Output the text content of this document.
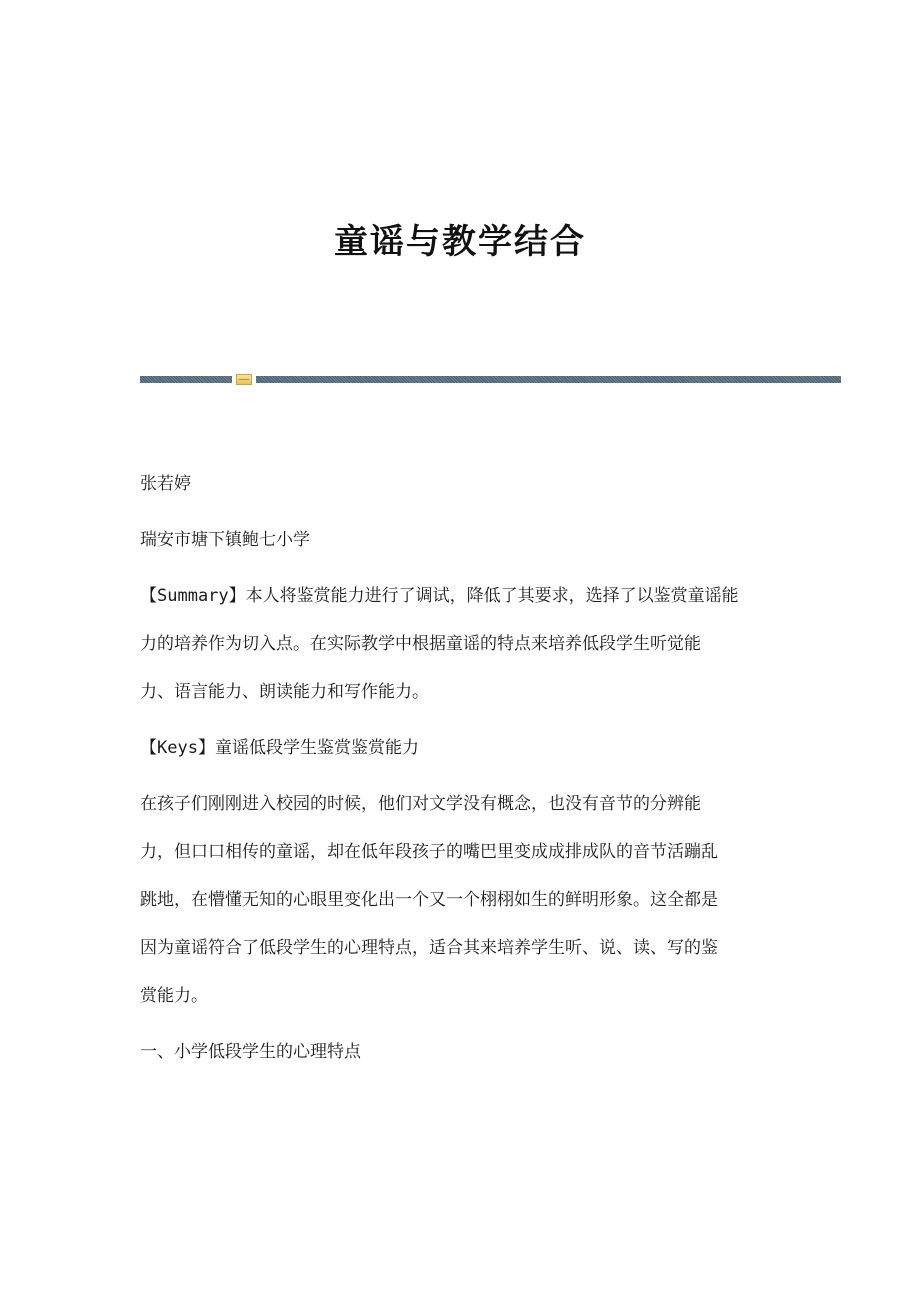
童谣与教学结合

张若婷

瑞安市塘下镇鲍七小学

【Summary】本人将鉴赏能力进行了调试，降低了其要求，选择了以鉴赏童谣能
力的培养作为切入点。在实际教学中根据童谣的特点来培养低段学生听觉能
力、语言能力、朗读能力和写作能力。

【Keys】童谣低段学生鉴赏鉴赏能力

在孩子们刚刚进入校园的时候，他们对文学没有概念，也没有音节的分辨能
力，但口口相传的童谣，却在低年段孩子的嘴巴里变成成排成队的音节活蹦乱
跳地，在懵懂无知的心眼里变化出一个又一个栩栩如生的鲜明形象。这全都是
因为童谣符合了低段学生的心理特点，适合其来培养学生听、说、读、写的鉴
赏能力。

一、小学低段学生的心理特点
